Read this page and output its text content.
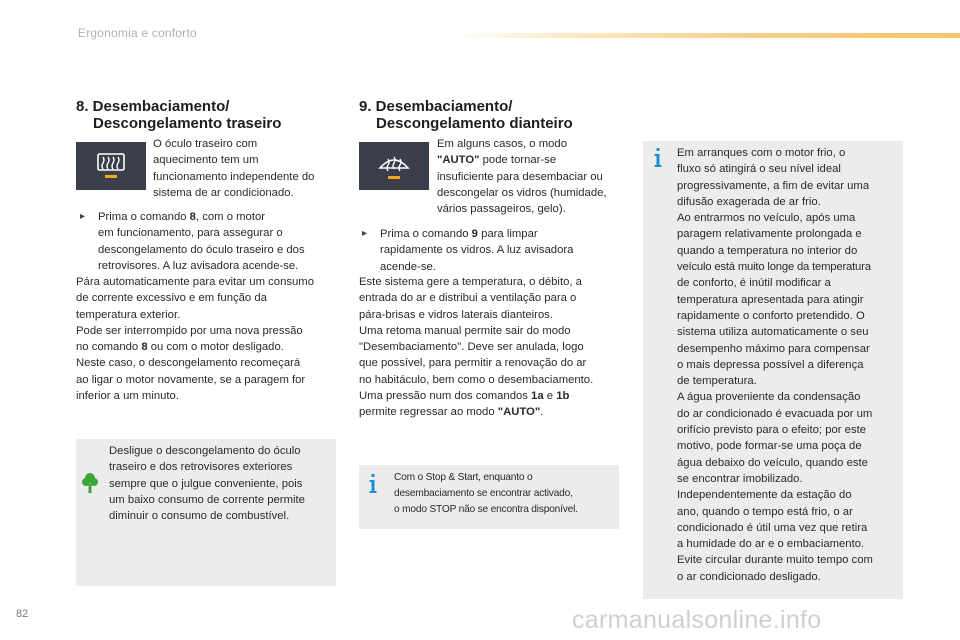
Ergonomia e conforto
8. Desembaciamento/
Descongelamento traseiro
O óculo traseiro com
aquecimento tem um
funcionamento independente do
sistema de ar condicionado.
▸	Prima o comando 8, com o motor
em funcionamento, para assegurar o
descongelamento do óculo traseiro e dos
retrovisores. A luz avisadora acende-se.
Pára automaticamente para evitar um consumo
de corrente excessivo e em função da
temperatura exterior.
Pode ser interrompido por uma nova pressão
no comando 8 ou com o motor desligado.
Neste caso, o descongelamento recomeçará
ao ligar o motor novamente, se a paragem for
inferior a um minuto.
Desligue o descongelamento do óculo
traseiro e dos retrovisores exteriores
sempre que o julgue conveniente, pois
um baixo consumo de corrente permite
diminuir o consumo de combustível.
9. Desembaciamento/
Descongelamento dianteiro
Em alguns casos, o modo
"AUTO" pode tornar-se
insuficiente para desembaciar ou
descongelar os vidros (humidade,
vários passageiros, gelo).
▸	Prima o comando 9 para limpar
rapidamente os vidros. A luz avisadora
acende-se.
Este sistema gere a temperatura, o débito, a
entrada do ar e distribui a ventilação para o
pára-brisas e vidros laterais dianteiros.
Uma retoma manual permite sair do modo
"Desembaciamento". Deve ser anulada, logo
que possível, para permitir a renovação do ar
no habitáculo, bem como o desembaciamento.
Uma pressão num dos comandos 1a e 1b
permite regressar ao modo "AUTO".
Com o Stop & Start, enquanto o
desembaciamento se encontrar activado,
o modo STOP não se encontra disponível.
Em arranques com o motor frio, o
fluxo só atingirá o seu nível ideal
progressivamente, a fim de evitar uma
difusão exagerada de ar frio.
Ao entrarmos no veículo, após uma
paragem relativamente prolongada e
quando a temperatura no interior do
veículo está muito longe da temperatura
de conforto, é inútil modificar a
temperatura apresentada para atingir
rapidamente o conforto pretendido. O
sistema utiliza automaticamente o seu
desempenho máximo para compensar
o mais depressa possível a diferença
de temperatura.
A água proveniente da condensação
do ar condicionado é evacuada por um
orifício previsto para o efeito; por este
motivo, pode formar-se uma poça de
água debaixo do veículo, quando este
se encontrar imobilizado.
Independentemente da estação do
ano, quando o tempo está frio, o ar
condicionado é útil uma vez que retira
a humidade do ar e o embaciamento.
Evite circular durante muito tempo com
o ar condicionado desligado.
82	carmanualsonline.info
